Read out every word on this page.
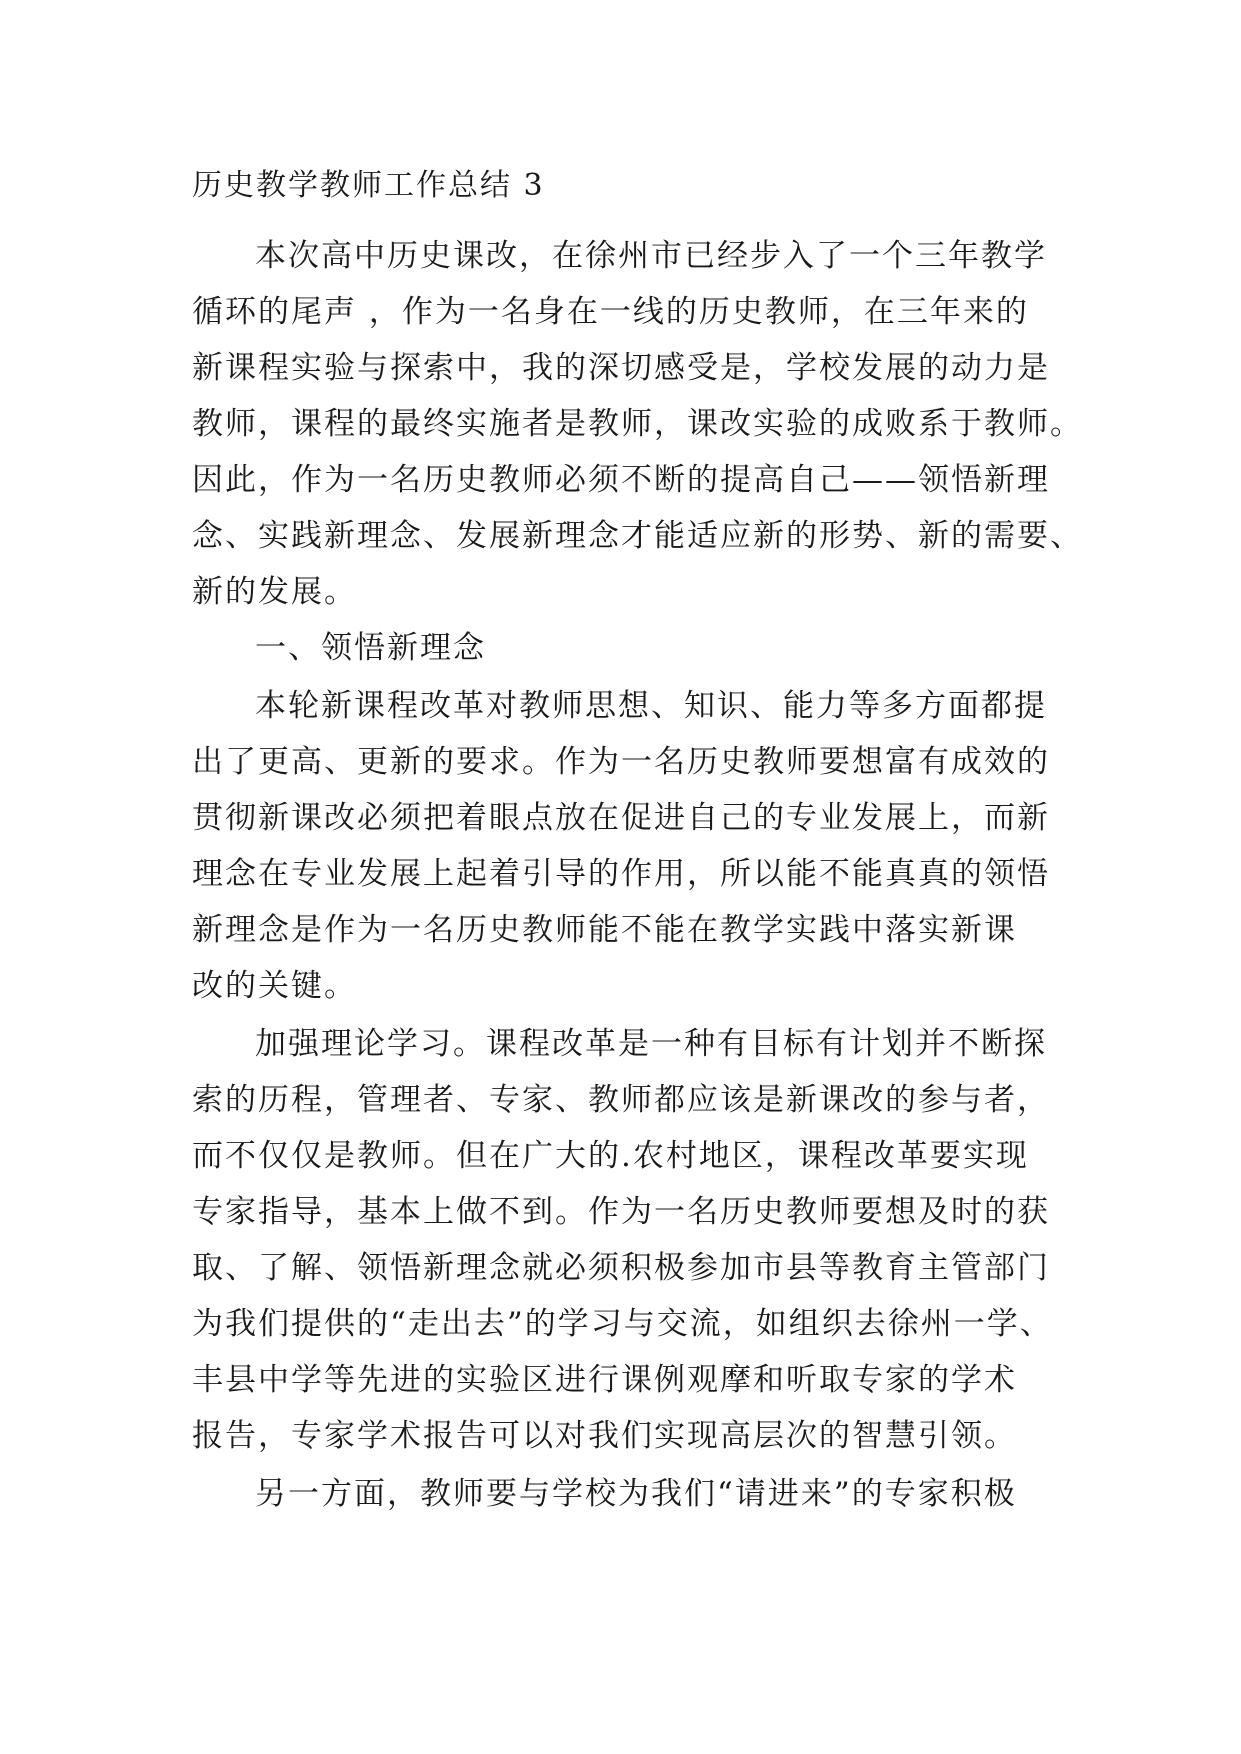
历史教学教师工作总结 3
本次高中历史课改，在徐州市已经步入了一个三年教学
循环的尾声 ，作为一名身在一线的历史教师，在三年来的
新课程实验与探索中，我的深切感受是，学校发展的动力是
教师，课程的最终实施者是教师，课改实验的成败系于教师。
因此，作为一名历史教师必须不断的提高自己——领悟新理
念、实践新理念、发展新理念才能适应新的形势、新的需要、
新的发展。
一、领悟新理念
本轮新课程改革对教师思想、知识、能力等多方面都提
出了更高、更新的要求。作为一名历史教师要想富有成效的
贯彻新课改必须把着眼点放在促进自己的专业发展上，而新
理念在专业发展上起着引导的作用，所以能不能真真的领悟
新理念是作为一名历史教师能不能在教学实践中落实新课
改的关键。
加强理论学习。课程改革是一种有目标有计划并不断探
索的历程，管理者、专家、教师都应该是新课改的参与者，
而不仅仅是教师。但在广大的.农村地区，课程改革要实现
专家指导，基本上做不到。作为一名历史教师要想及时的获
取、了解、领悟新理念就必须积极参加市县等教育主管部门
为我们提供的“走出去”的学习与交流，如组织去徐州一学、
丰县中学等先进的实验区进行课例观摩和听取专家的学术
报告，专家学术报告可以对我们实现高层次的智慧引领。
另一方面，教师要与学校为我们“请进来”的专家积极
